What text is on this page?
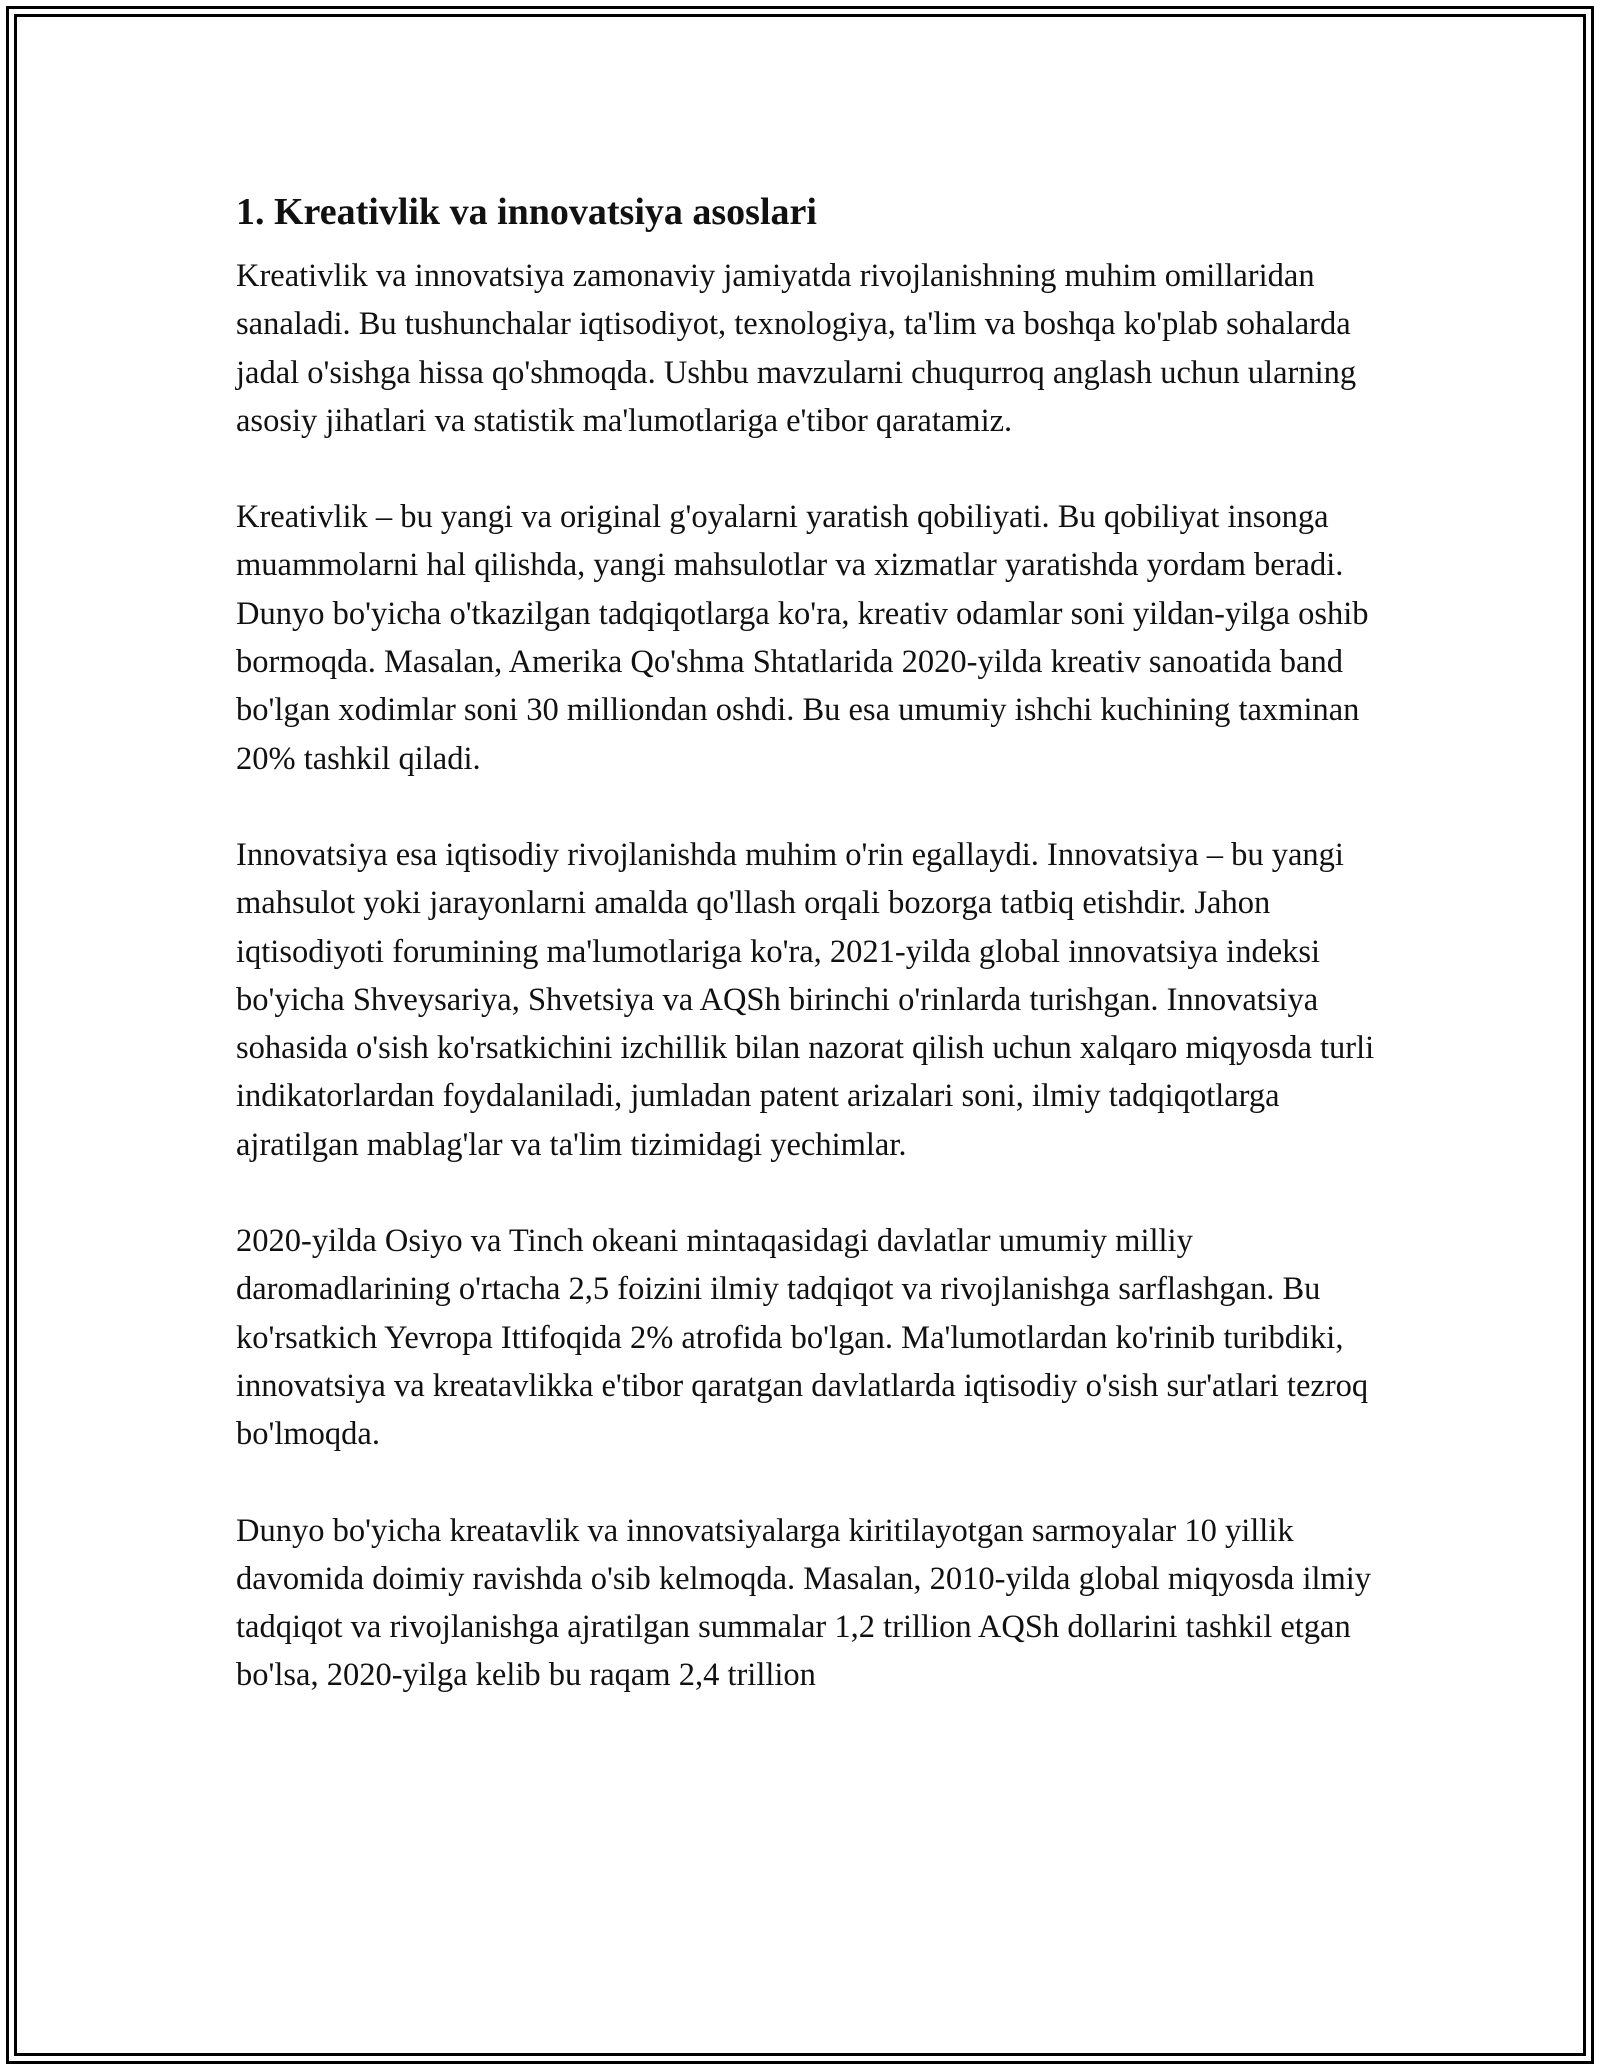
1. Kreativlik va innovatsiya asoslari

Kreativlik va innovatsiya zamonaviy jamiyatda rivojlanishning muhim omillaridan sanaladi. Bu tushunchalar iqtisodiyot, texnologiya, ta'lim va boshqa ko'plab sohalarda jadal o'sishga hissa qo'shmoqda. Ushbu mavzularni chuqurroq anglash uchun ularning asosiy jihatlari va statistik ma'lumotlariga e'tibor qaratamiz.

Kreativlik – bu yangi va original g'oyalarni yaratish qobiliyati. Bu qobiliyat insonga muammolarni hal qilishda, yangi mahsulotlar va xizmatlar yaratishda yordam beradi. Dunyo bo'yicha o'tkazilgan tadqiqotlarga ko'ra, kreativ odamlar soni yildan-yilga oshib bormoqda. Masalan, Amerika Qo'shma Shtatlarida 2020-yilda kreativ sanoatida band bo'lgan xodimlar soni 30 milliondan oshdi. Bu esa umumiy ishchi kuchining taxminan 20% tashkil qiladi.

Innovatsiya esa iqtisodiy rivojlanishda muhim o'rin egallaydi. Innovatsiya – bu yangi mahsulot yoki jarayonlarni amalda qo'llash orqali bozorga tatbiq etishdir. Jahon iqtisodiyoti forumining ma'lumotlariga ko'ra, 2021-yilda global innovatsiya indeksi bo'yicha Shveysariya, Shvetsiya va AQSh birinchi o'rinlarda turishgan. Innovatsiya sohasida o'sish ko'rsatkichini izchillik bilan nazorat qilish uchun xalqaro miqyosda turli indikatorlardan foydalaniladi, jumladan patent arizalari soni, ilmiy tadqiqotlarga ajratilgan mablag'lar va ta'lim tizimidagi yechimlar.

2020-yilda Osiyo va Tinch okeani mintaqasidagi davlatlar umumiy milliy daromadlarining o'rtacha 2,5 foizini ilmiy tadqiqot va rivojlanishga sarflashgan. Bu ko'rsatkich Yevropa Ittifoqida 2% atrofida bo'lgan. Ma'lumotlardan ko'rinib turibdiki, innovatsiya va kreatavlikka e'tibor qaratgan davlatlarda iqtisodiy o'sish sur'atlari tezroq bo'lmoqda.

Dunyo bo'yicha kreatavlik va innovatsiyalarga kiritilayotgan sarmoyalar 10 yillik davomida doimiy ravishda o'sib kelmoqda. Masalan, 2010-yilda global miqyosda ilmiy tadqiqot va rivojlanishga ajratilgan summalar 1,2 trillion AQSh dollarini tashkil etgan bo'lsa, 2020-yilga kelib bu raqam 2,4 trillion
